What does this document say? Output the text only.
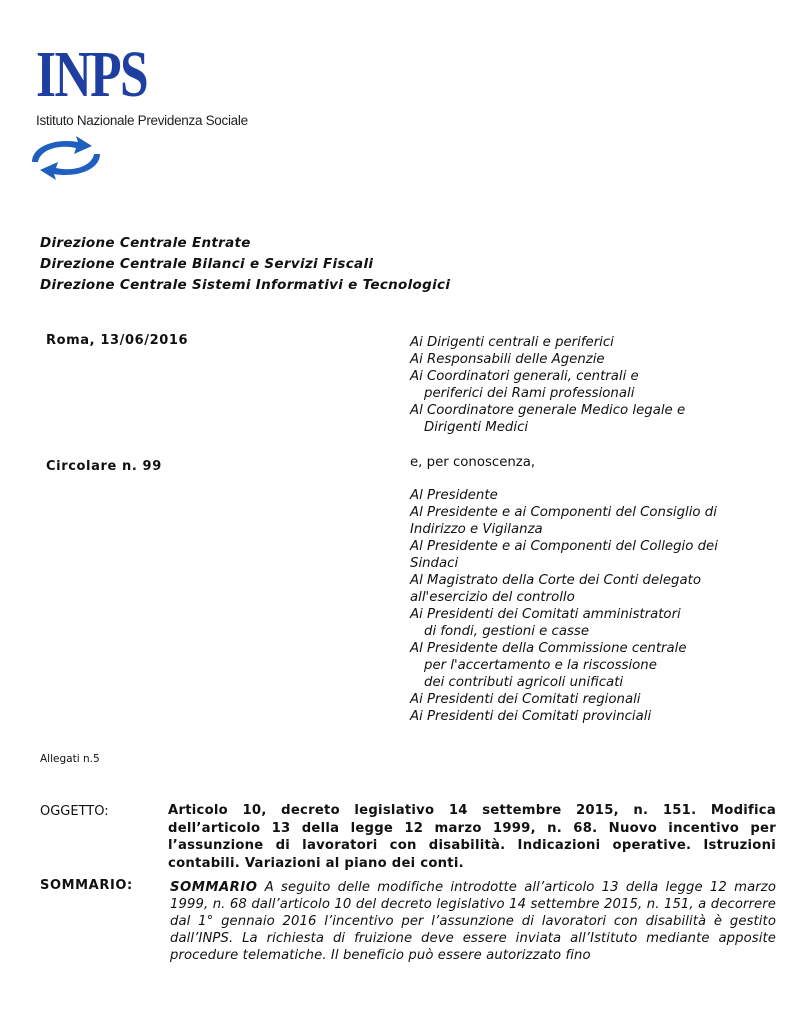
INPS
Istituto Nazionale Previdenza Sociale
Direzione Centrale Entrate
Direzione Centrale Bilanci e Servizi Fiscali
Direzione Centrale Sistemi Informativi e Tecnologici
Roma, 13/06/2016
Circolare n. 99
Ai Dirigenti centrali e periferici
Ai Responsabili delle Agenzie
Ai Coordinatori generali, centrali e
periferici dei Rami professionali
Al Coordinatore generale Medico legale e
Dirigenti Medici
e, per conoscenza,
Al Presidente
Al Presidente e ai Componenti del Consiglio di
Indirizzo e Vigilanza
Al Presidente e ai Componenti del Collegio dei
Sindaci
Al Magistrato della Corte dei Conti delegato
all'esercizio del controllo
Ai Presidenti dei Comitati amministratori
di fondi, gestioni e casse
Al Presidente della Commissione centrale
per l'accertamento e la riscossione
dei contributi agricoli unificati
Ai Presidenti dei Comitati regionali
Ai Presidenti dei Comitati provinciali
Allegati n.5
OGGETTO:	Articolo 10, decreto legislativo 14 settembre 2015, n. 151. Modifica dell’articolo 13 della legge 12 marzo 1999, n. 68. Nuovo incentivo per l’assunzione di lavoratori con disabilità. Indicazioni operative. Istruzioni contabili. Variazioni al piano dei conti.
SOMMARIO:	SOMMARIO A seguito delle modifiche introdotte all’articolo 13 della legge 12 marzo 1999, n. 68 dall’articolo 10 del decreto legislativo 14 settembre 2015, n. 151, a decorrere dal 1° gennaio 2016 l’incentivo per l’assunzione di lavoratori con disabilità è gestito dall’INPS. La richiesta di fruizione deve essere inviata all’Istituto mediante apposite procedure telematiche. Il beneficio può essere autorizzato fino
